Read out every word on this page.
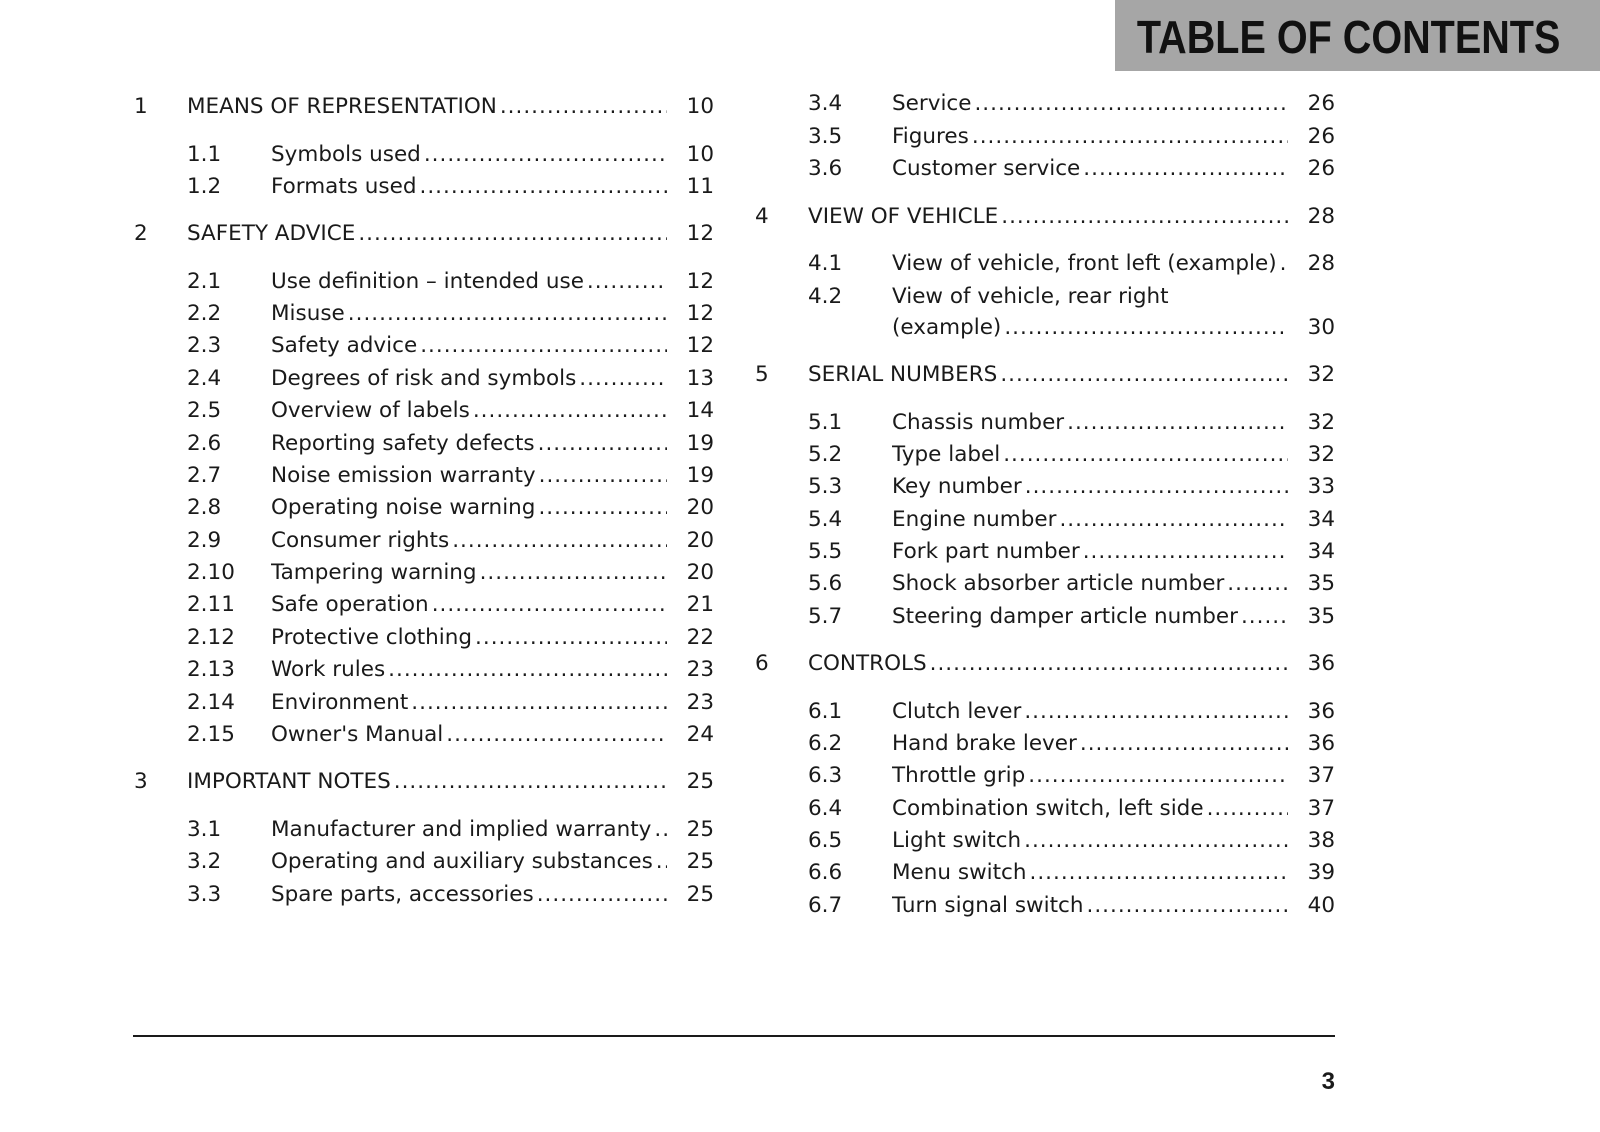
TABLE OF CONTENTS
1 MEANS OF REPRESENTATION .....	10
1.1 Symbols used .....	10
1.2 Formats used .....	11
2 SAFETY ADVICE .....	12
2.1 Use definition – intended use .....	12
2.2 Misuse .....	12
2.3 Safety advice .....	12
2.4 Degrees of risk and symbols .....	13
2.5 Overview of labels .....	14
2.6 Reporting safety defects .....	19
2.7 Noise emission warranty .....	19
2.8 Operating noise warning .....	20
2.9 Consumer rights .....	20
2.10 Tampering warning .....	20
2.11 Safe operation .....	21
2.12 Protective clothing .....	22
2.13 Work rules .....	23
2.14 Environment .....	23
2.15 Owner's Manual .....	24
3 IMPORTANT NOTES .....	25
3.1 Manufacturer and implied warranty .....	25
3.2 Operating and auxiliary substances .....	25
3.3 Spare parts, accessories .....	25
3.4 Service .....	26
3.5 Figures .....	26
3.6 Customer service .....	26
4 VIEW OF VEHICLE .....	28
4.1 View of vehicle, front left (example) .....	28
4.2 View of vehicle, rear right
(example) .....	30
5 SERIAL NUMBERS .....	32
5.1 Chassis number .....	32
5.2 Type label .....	32
5.3 Key number .....	33
5.4 Engine number .....	34
5.5 Fork part number .....	34
5.6 Shock absorber article number .....	35
5.7 Steering damper article number .....	35
6 CONTROLS .....	36
6.1 Clutch lever .....	36
6.2 Hand brake lever .....	36
6.3 Throttle grip .....	37
6.4 Combination switch, left side .....	37
6.5 Light switch .....	38
6.6 Menu switch .....	39
6.7 Turn signal switch .....	40
3
